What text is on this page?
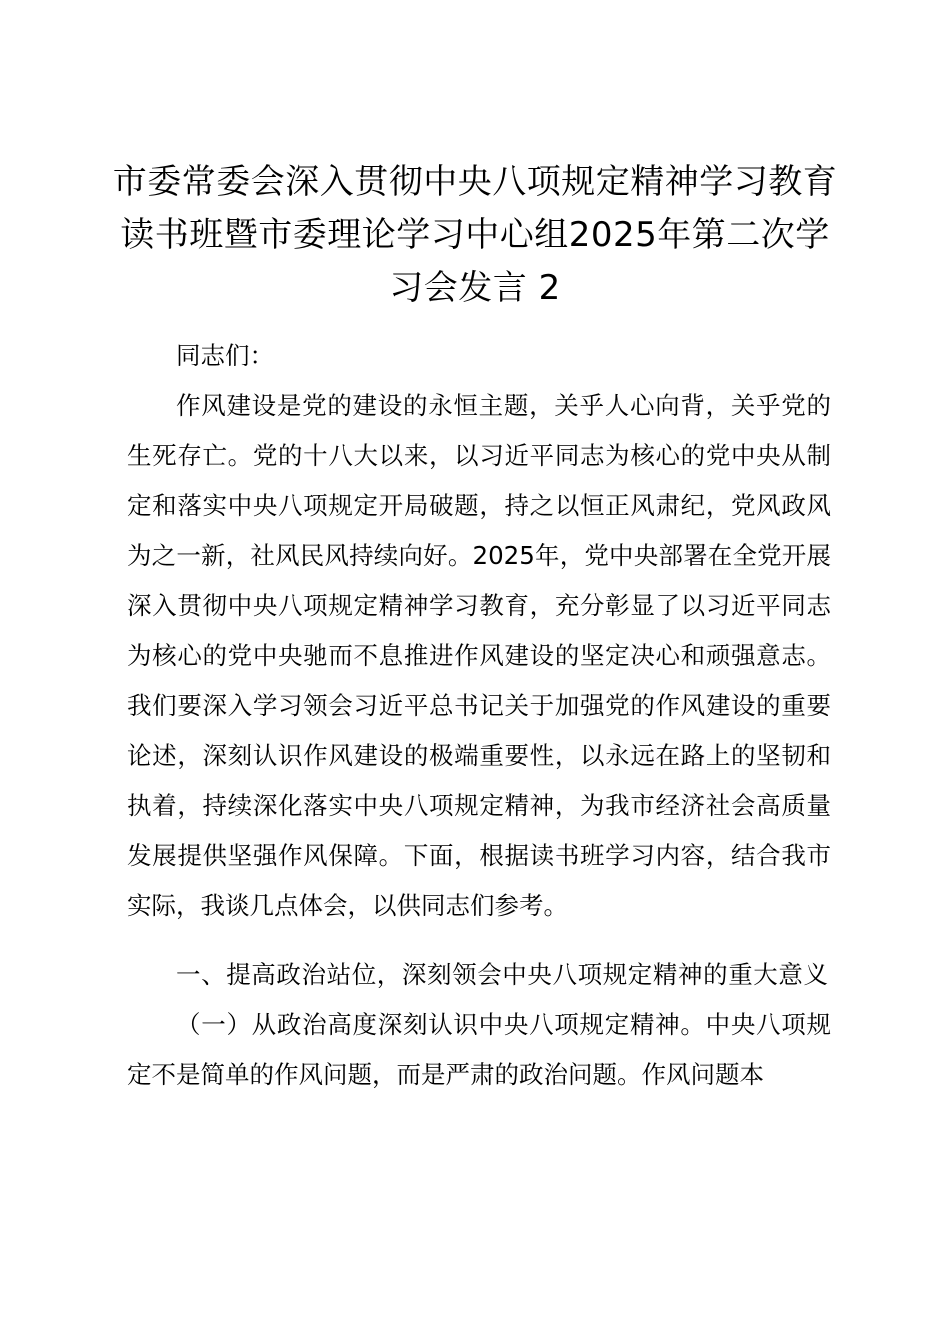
市委常委会深入贯彻中央八项规定精神学习教育读书班暨市委理论学习中心组2025年第二次学习会发言 2

同志们：

作风建设是党的建设的永恒主题，关乎人心向背，关乎党的生死存亡。党的十八大以来，以习近平同志为核心的党中央从制定和落实中央八项规定开局破题，持之以恒正风肃纪，党风政风为之一新，社风民风持续向好。2025年，党中央部署在全党开展深入贯彻中央八项规定精神学习教育，充分彰显了以习近平同志为核心的党中央驰而不息推进作风建设的坚定决心和顽强意志。我们要深入学习领会习近平总书记关于加强党的作风建设的重要论述，深刻认识作风建设的极端重要性，以永远在路上的坚韧和执着，持续深化落实中央八项规定精神，为我市经济社会高质量发展提供坚强作风保障。下面，根据读书班学习内容，结合我市实际，我谈几点体会，以供同志们参考。

一、提高政治站位，深刻领会中央八项规定精神的重大意义

（一）从政治高度深刻认识中央八项规定精神。中央八项规定不是简单的作风问题，而是严肃的政治问题。作风问题本
